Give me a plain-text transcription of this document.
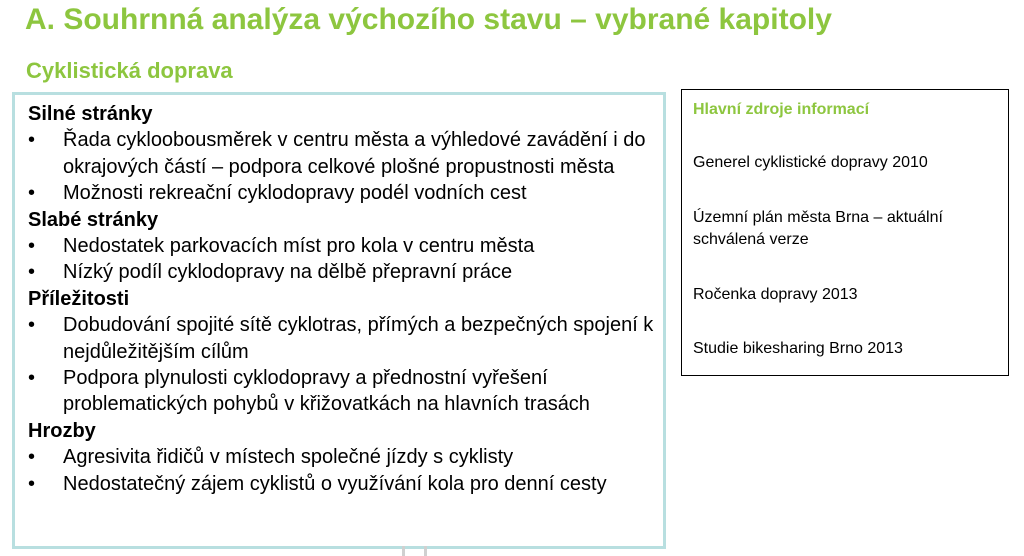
A. Souhrnná analýza výchozího stavu – vybrané kapitoly
Cyklistická doprava
Silné stránky
•	Řada cykloobousměrek v centru města a výhledové zavádění i do okrajových částí – podpora celkové plošné propustnosti města
•	Možnosti rekreační cyklodopravy podél vodních cest
Slabé stránky
•	Nedostatek parkovacích míst pro kola v centru města
•	Nízký podíl cyklodopravy na dělbě přepravní práce
Příležitosti
•	Dobudování spojité sítě cyklotras, přímých a bezpečných spojení k nejdůležitějším cílům
•	Podpora plynulosti cyklodopravy a přednostní vyřešení problematických pohybů v křižovatkách na hlavních trasách
Hrozby
•	Agresivita řidičů v místech společné jízdy s cyklisty
•	Nedostatečný zájem cyklistů o využívání kola pro denní cesty
Hlavní zdroje informací
Generel cyklistické dopravy 2010
Územní plán města Brna – aktuální schválená verze
Ročenka dopravy 2013
Studie bikesharing Brno 2013
